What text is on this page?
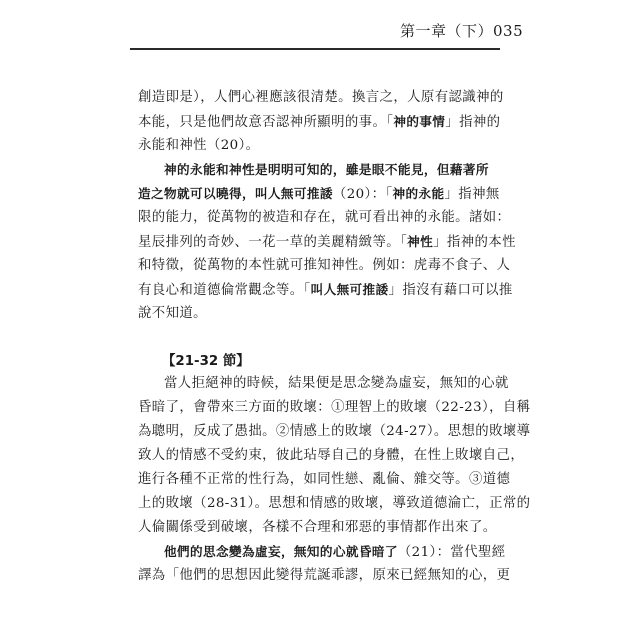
第一章（下）035
創造即是），人們心裡應該很清楚。換言之，人原有認識神的
本能，只是他們故意否認神所顯明的事。「神的事情」指神的
永能和神性（20）。
神的永能和神性是明明可知的，雖是眼不能見，但藉著所
造之物就可以曉得，叫人無可推諉（20）：「神的永能」指神無
限的能力，從萬物的被造和存在，就可看出神的永能。諸如：
星辰排列的奇妙、一花一草的美麗精緻等。「神性」指神的本性
和特徵，從萬物的本性就可推知神性。例如：虎毒不食子、人
有良心和道德倫常觀念等。「叫人無可推諉」指沒有藉口可以推
說不知道。
【21-32 節】
當人拒絕神的時候，結果便是思念變為虛妄，無知的心就
昏暗了，會帶來三方面的敗壞：①理智上的敗壞（22-23），自稱
為聰明，反成了愚拙。②情感上的敗壞（24-27）。思想的敗壞導
致人的情感不受約束，彼此玷辱自己的身體，在性上敗壞自己，
進行各種不正常的性行為，如同性戀、亂倫、雜交等。③道德
上的敗壞（28-31）。思想和情感的敗壞，導致道德淪亡，正常的
人倫關係受到破壞，各樣不合理和邪惡的事情都作出來了。
他們的思念變為虛妄，無知的心就昏暗了（21）：當代聖經
譯為「他們的思想因此變得荒誕乖謬，原來已經無知的心，更
